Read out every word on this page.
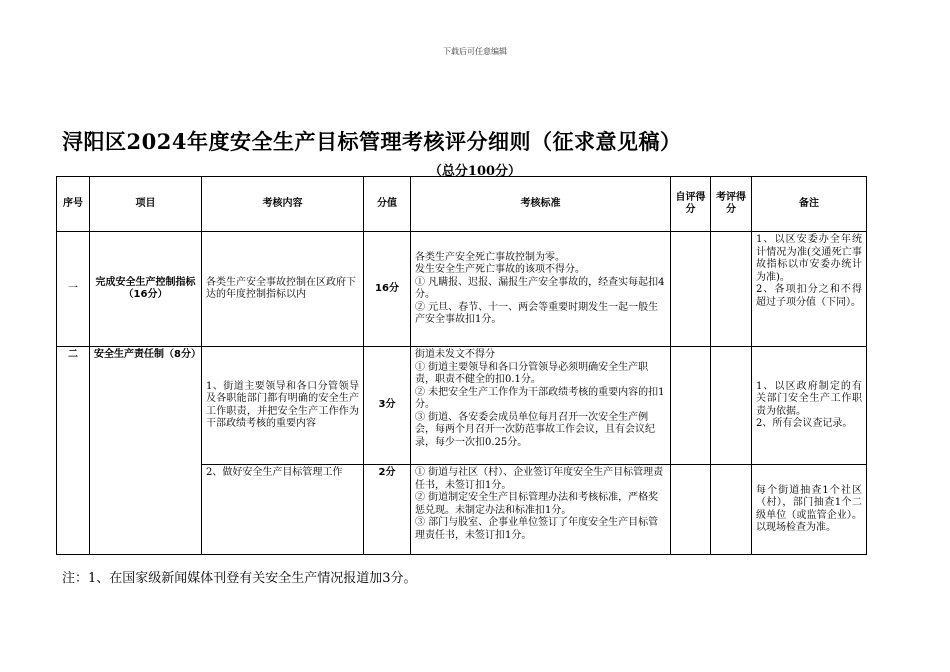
下载后可任意编辑
浔阳区2024年度安全生产目标管理考核评分细则（征求意见稿）
（总分100分）
序号	项目	考核内容	分值	考核标准	自评得分	考评得分	备注
一	完成安全生产控制指标（16分）	各类生产安全事故控制在区政府下达的年度控制指标以内	16分	各类生产安全死亡事故控制为零。
发生安全生产死亡事故的该项不得分。
① 凡瞒报、迟报、漏报生产安全事故的，经查实每起扣4分。
② 元旦、春节、十一、两会等重要时期发生一起一般生产安全事故扣1分。			1、以区安委办全年统计情况为准(交通死亡事故指标以市安委办统计为准)。
2、各项扣分之和不得超过子项分值（下同）。

二	安全生产责任制（8分）	1、街道主要领导和各口分管领导及各职能部门都有明确的安全生产工作职责，并把安全生产工作作为干部政绩考核的重要内容	3分	街道未发文不得分
① 街道主要领导和各口分管领导必须明确安全生产职责，职责不健全的扣0.1分。
② 未把安全生产工作作为干部政绩考核的重要内容的扣1分。
③ 街道、各安委会成员单位每月召开一次安全生产例会，每两个月召开一次防范事故工作会议，且有会议纪录，每少一次扣0.25分。			1、以区政府制定的有关部门安全生产工作职责为依据。
2、所有会议查记录。

		2、做好安全生产目标管理工作	2分	① 街道与社区（村）、企业签订年度安全生产目标管理责任书，未签订扣1分。
② 街道制定安全生产目标管理办法和考核标准，严格奖惩兑现。未制定办法和标准扣1分。
③ 部门与股室、企事业单位签订了年度安全生产目标管理责任书，未签订扣1分。			每个街道抽查1个社区（村），部门抽查1个二级单位（或监管企业）。以现场检查为准。
注：1、在国家级新闻媒体刊登有关安全生产情况报道加3分。
